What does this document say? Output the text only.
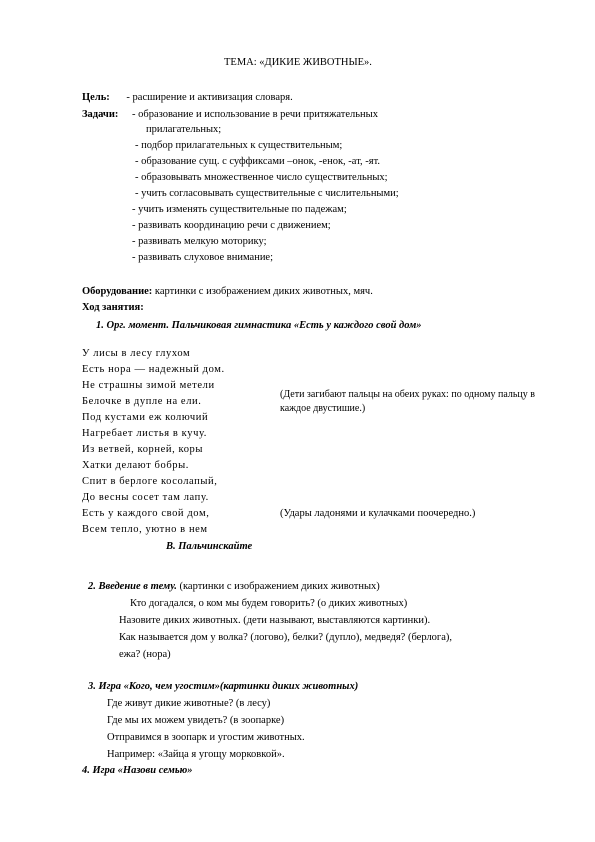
ТЕМА: «ДИКИЕ ЖИВОТНЫЕ».
Цель: - расширение и активизация словаря.
Задачи: - образование и использование в речи притяжательных
прилагательных;
- подбор прилагательных к существительным;
- образование сущ. с суффиксами –онок, -енок, -ат, -ят.
- образовывать множественное число существительных;
- учить согласовывать существительные с числительными;
- учить изменять существительные по падежам;
- развивать координацию речи с движением;
- развивать мелкую моторику;
- развивать слуховое внимание;
Оборудование: картинки с изображением диких животных, мяч.
Ход занятия:
1. Орг. момент. Пальчиковая гимнастика «Есть у каждого свой дом»
У лисы в лесу глухом
Есть нора — надежный дом.
Не страшны зимой метели
Белочке в дупле на ели.
Под кустами еж колючий
Нагребает листья в кучу.
Из ветвей, корней, коры
Хатки делают бобры.
Спит в берлоге косолапый,
До весны сосет там лапу.
Есть у каждого свой дом,
Всем тепло, уютно в нем
(Дети загибают пальцы на обеих руках: по одному пальцу в
каждое двустишие.)
(Удары ладонями и кулачками поочередно.)
В. Пальчинскайте
2. Введение в тему. (картинки с изображением диких животных)
Кто догадался, о ком мы будем говорить? (о диких животных)
Назовите диких животных. (дети называют, выставляются картинки).
Как называется дом у волка? (логово), белки? (дупло), медведя? (берлога),
ежа? (нора)
3. Игра «Кого, чем угостим»(картинки диких животных)
Где живут дикие животные? (в лесу)
Где мы их можем увидеть? (в зоопарке)
Отправимся в зоопарк и угостим животных.
Например: «Зайца я угощу морковкой».
4. Игра «Назови семью»
